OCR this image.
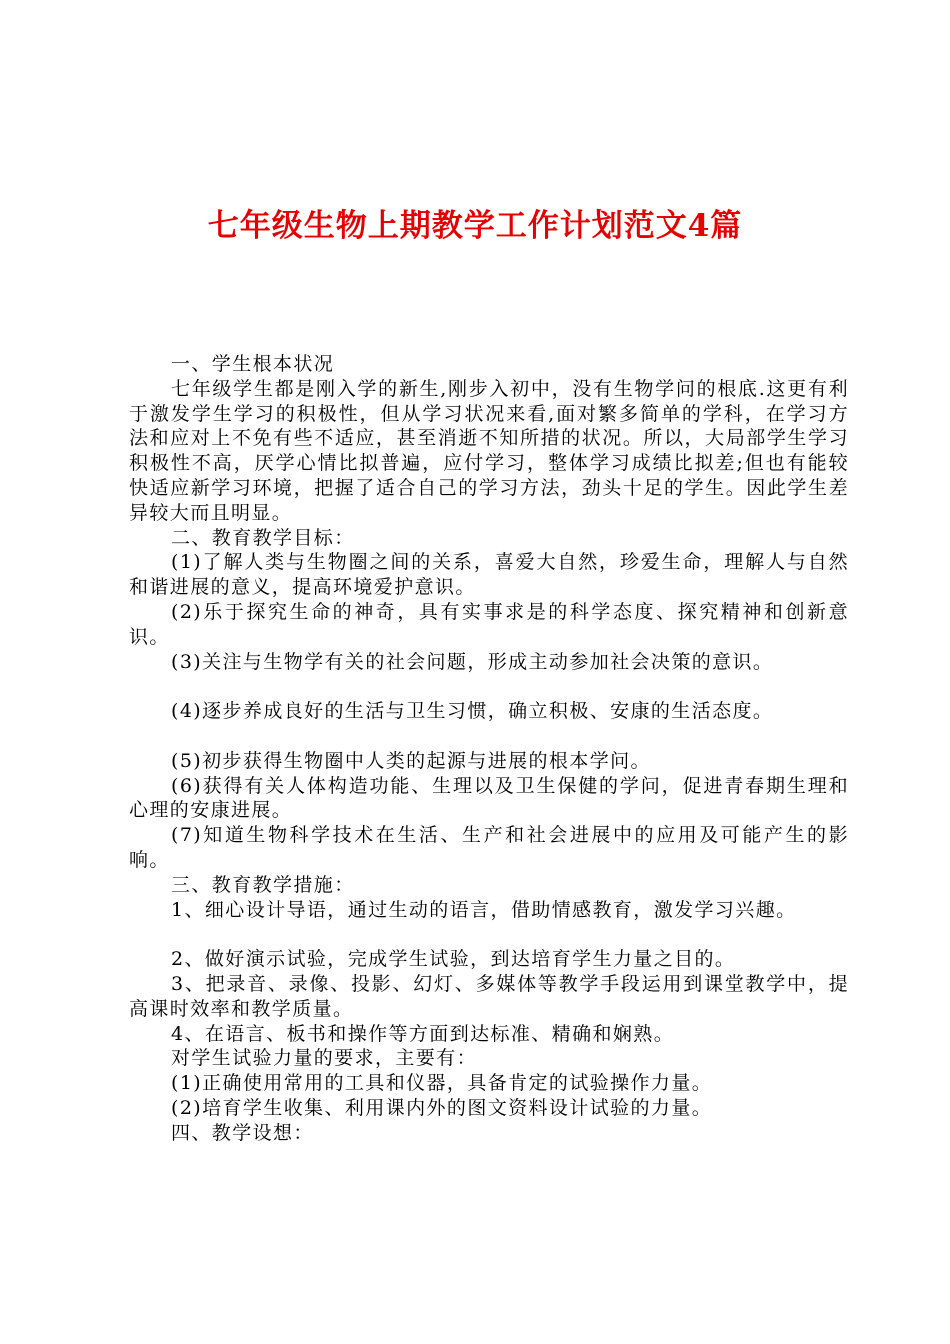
七年级生物上期教学工作计划范文4篇

一、学生根本状况

七年级学生都是刚入学的新生,刚步入初中，没有生物学问的根底.这更有利于激发学生学习的积极性，但从学习状况来看,面对繁多简单的学科，在学习方法和应对上不免有些不适应，甚至消逝不知所措的状况。所以，大局部学生学习积极性不高，厌学心情比拟普遍，应付学习，整体学习成绩比拟差;但也有能较快适应新学习环境，把握了适合自己的学习方法，劲头十足的学生。因此学生差异较大而且明显。

二、教育教学目标：

(1)了解人类与生物圈之间的关系，喜爱大自然，珍爱生命，理解人与自然和谐进展的意义，提高环境爱护意识。

(2)乐于探究生命的神奇，具有实事求是的科学态度、探究精神和创新意识。

(3)关注与生物学有关的社会问题，形成主动参加社会决策的意识。

(4)逐步养成良好的生活与卫生习惯，确立积极、安康的生活态度。

(5)初步获得生物圈中人类的起源与进展的根本学问。

(6)获得有关人体构造功能、生理以及卫生保健的学问，促进青春期生理和心理的安康进展。

(7)知道生物科学技术在生活、生产和社会进展中的应用及可能产生的影响。

三、教育教学措施：

1、细心设计导语，通过生动的语言，借助情感教育，激发学习兴趣。

2、做好演示试验，完成学生试验，到达培育学生力量之目的。

3、把录音、录像、投影、幻灯、多媒体等教学手段运用到课堂教学中，提高课时效率和教学质量。

4、在语言、板书和操作等方面到达标准、精确和娴熟。

对学生试验力量的要求，主要有：

(1)正确使用常用的工具和仪器，具备肯定的试验操作力量。

(2)培育学生收集、利用课内外的图文资料设计试验的力量。

四、教学设想：
